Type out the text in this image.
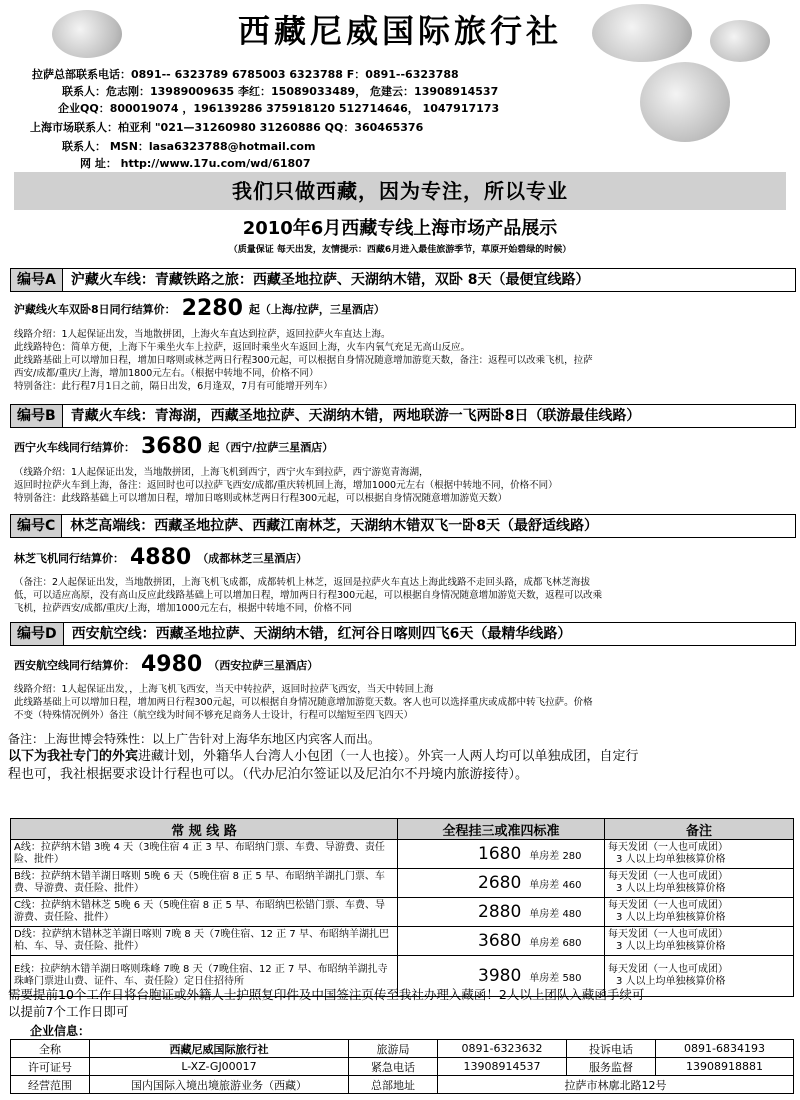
西藏尼威国际旅行社
拉萨总部联系电话：0891-- 6323789 6785003 6323788 F：0891--6323788
联系人：危志刚：13989009635 李红：15089033489， 危建云：13908914537
企业QQ：800019074 ，196139286 375918120 512714646， 1047917173
上海市场联系人：柏亚利 "021—31260980 31260886 QQ：360465376
联系人： MSN：lasa6323788@hotmail.com
网 址： http://www.17u.com/wd/61807
我们只做西藏，因为专注，所以专业
2010年6月西藏专线上海市场产品展示
（质量保证 每天出发，友情提示：西藏6月进入最佳旅游季节，草原开始碧绿的时候）
编号A 沪藏火车线：青藏铁路之旅：西藏圣地拉萨、天湖纳木错，双卧 8天（最便宜线路）
沪藏线火车双卧8日同行结算价： 2280 起（上海/拉萨，三星酒店）
线路介绍：1人起保证出发，当地散拼团，上海火车直达到拉萨，返回拉萨火车直达上海。
此线路特色：简单方便，上海下午乘坐火车上拉萨，返回时乘坐火车返回上海，火车内氧气充足无高山反应。
此线路基础上可以增加日程，增加日喀则或林芝两日行程300元起，可以根据自身情况随意增加游览天数，备注：返程可以改乘飞机，拉萨
西安/成都/重庆/上海，增加1800元左右。（根据中转地不同，价格不同）
特别备注：此行程7月1日之前，隔日出发，6月逢双，7月有可能增开列车）
编号B 青藏火车线：青海湖，西藏圣地拉萨、天湖纳木错，两地联游一飞两卧8日（联游最佳线路）
西宁火车线同行结算价： 3680 起（西宁/拉萨三星酒店）
（线路介绍：1人起保证出发，当地散拼团，上海飞机到西宁，西宁火车到拉萨，西宁游览青海湖，
返回时拉萨火车到上海，备注：返回时也可以拉萨飞西安/成都/重庆转机回上海，增加1000元左右（根据中转地不同，价格不同）
特别备注：此线路基础上可以增加日程，增加日喀则或林芝两日行程300元起，可以根据自身情况随意增加游览天数）
编号C 林芝高端线：西藏圣地拉萨、西藏江南林芝，天湖纳木错双飞一卧8天（最舒适线路）
林芝飞机同行结算价： 4880 （成都林芝三星酒店）
（备注：2人起保证出发，当地散拼团，上海飞机飞成都，成都转机上林芝，返回是拉萨火车直达上海此线路不走回头路，成都飞林芝海拔
低，可以适应高原，没有高山反应此线路基础上可以增加日程，增加两日行程300元起，可以根据自身情况随意增加游览天数，返程可以改乘
飞机，拉萨西安/成都/重庆/上海，增加1000元左右，根据中转地不同，价格不同
编号D 西安航空线：西藏圣地拉萨、天湖纳木错，红河谷日喀则四飞6天（最精华线路）
西安航空线同行结算价： 4980 （西安拉萨三星酒店）
线路介绍：1人起保证出发，，上海飞机飞西安，当天中转拉萨，返回时拉萨飞西安，当天中转回上海
此线路基础上可以增加日程，增加两日行程300元起，可以根据自身情况随意增加游览天数。客人也可以选择重庆或成都中转飞拉萨。价格
不变（特殊情况例外）备注（航空线为时间不够充足商务人士设计，行程可以缩短至四飞四天）
备注：上海世博会特殊性：以上广告针对上海华东地区内宾客人而出。
以下为我社专门的外宾进藏计划，外籍华人台湾人小包团（一人也接）。外宾一人两人均可以单独成团，自定行
程也可，我社根据要求设计行程也可以。（代办尼泊尔签证以及尼泊尔不丹境内旅游接待）。
常 规 线 路	全程挂三或准四标准	备注
A线：拉萨纳木错 3晚 4 天（3晚住宿 4 正 3 早、布昭纳门票、车费、导游费、责任险、批件）	1680 单房差 280	每天发团（一人也可成团）
3 人以上均单独核算价格

B线：拉萨纳木错羊湖日喀则 5晚 6 天（5晚住宿 8 正 5 早、布昭纳羊湖扎门票、车费、导游费、责任险、批件）	2680 单房差 460	每天发团（一人也可成团）
3 人以上均单独核算价格

C线：拉萨纳木错林芝 5晚 6 天（5晚住宿 8 正 5 早、布昭纳巴松错门票、车费、导游费、责任险、批件）	2880 单房差 480	每天发团（一人也可成团）
3 人以上均单独核算价格

D线：拉萨纳木错林芝羊湖日喀则 7晚 8 天（7晚住宿、12 正 7 早、布昭纳羊湖扎巴柏、车、导、责任险、批件）	3680 单房差 680	每天发团（一人也可成团）
3 人以上均单独核算价格

E线：拉萨纳木错羊湖日喀则珠峰 7晚 8 天（7晚住宿、12 正 7 早、布昭纳羊湖扎寺珠峰门票进山费、证件、车、责任险）定日住招待所	3980 单房差 580	每天发团（一人也可成团）
3 人以上均单独核算价格
需要提前10个工作日将台胞证或外籍人士护照复印件及中国签注页传至我社办理入藏函！2人以上团队入藏函手续可
以提前7个工作日即可
企业信息：
全称	西藏尼威国际旅行社	旅游局	0891-6323632	投诉电话	0891-6834193
许可证号	L-XZ-GJ00017	紧急电话	13908914537	服务监督	13908918881
经营范围	国内国际入境出境旅游业务（西藏）	总部地址	拉萨市林廓北路12号		
